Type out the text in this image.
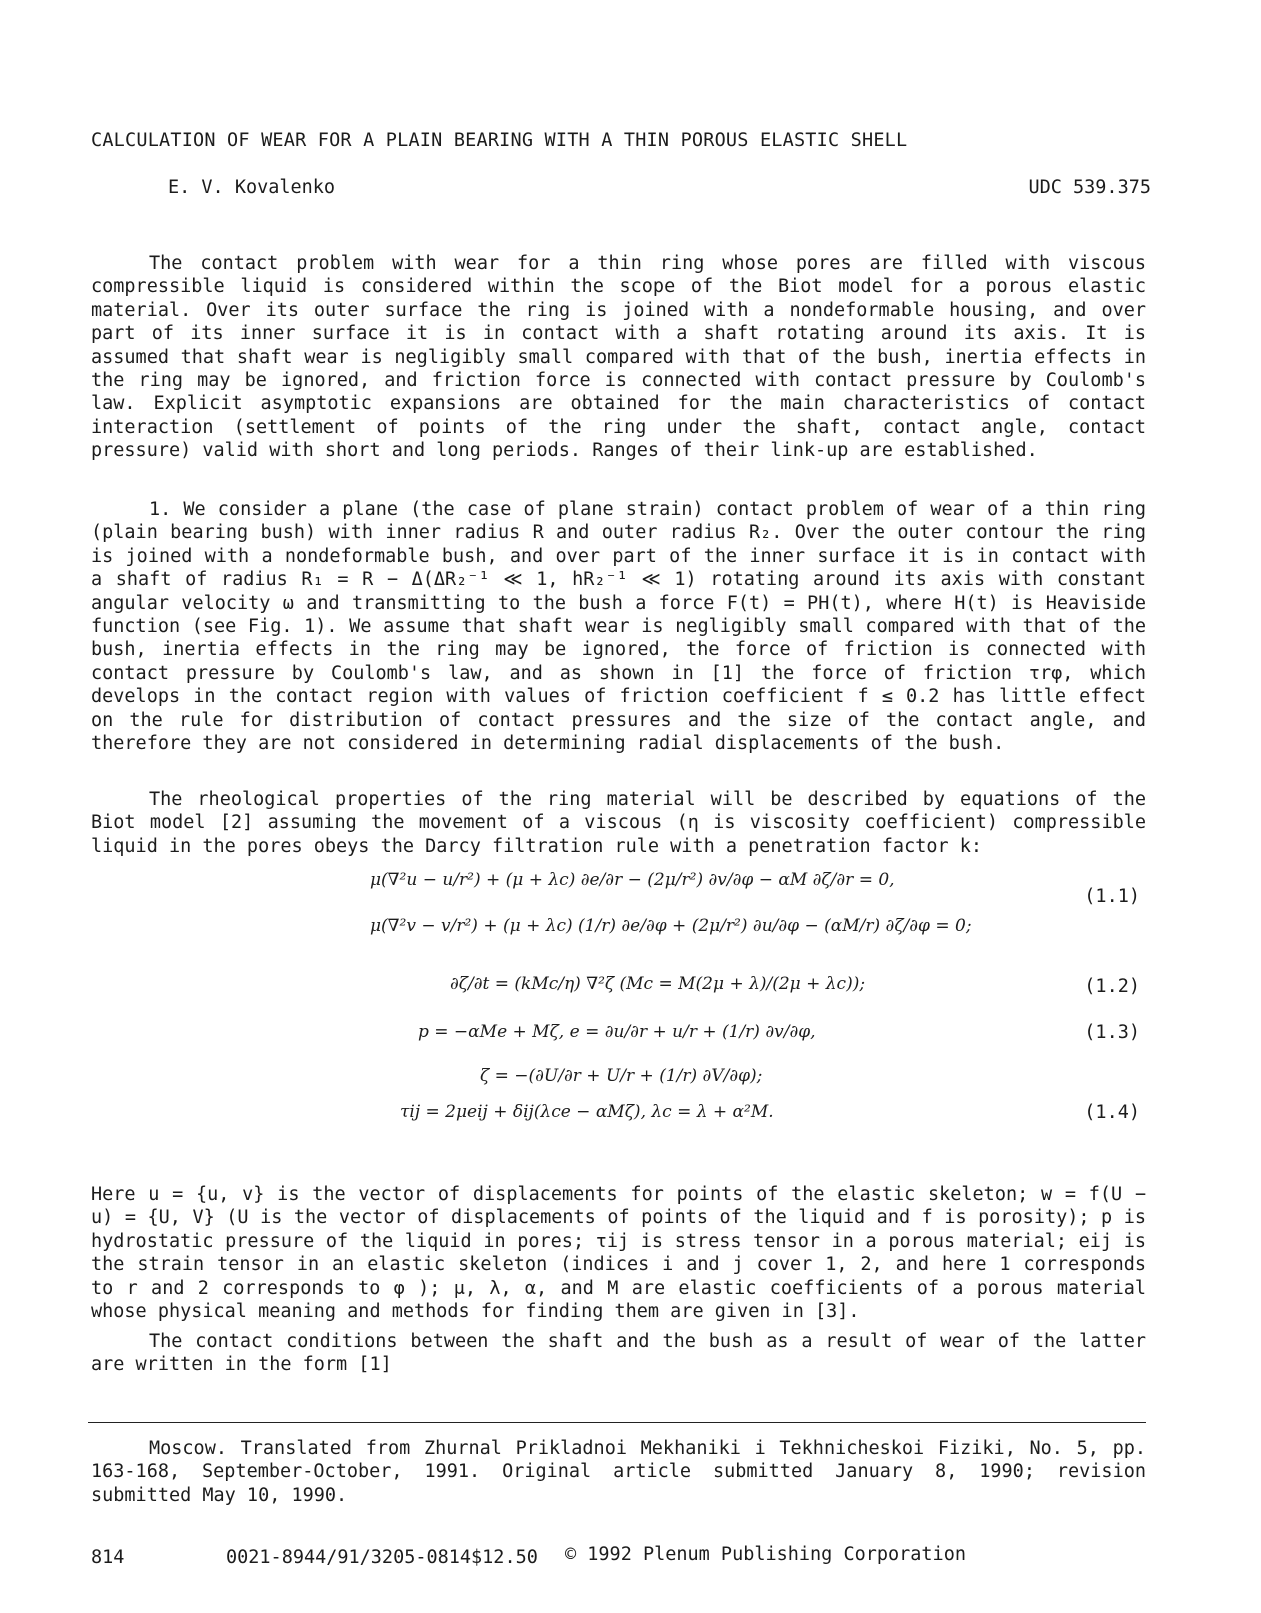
CALCULATION OF WEAR FOR A PLAIN BEARING WITH A THIN POROUS ELASTIC SHELL
E. V. Kovalenko	UDC 539.375
The contact problem with wear for a thin ring whose pores are filled with viscous compressible liquid is considered within the scope of the Biot model for a porous elastic material. Over its outer surface the ring is joined with a nondeformable housing, and over part of its inner surface it is in contact with a shaft rotating around its axis. It is assumed that shaft wear is negligibly small compared with that of the bush, inertia effects in the ring may be ignored, and friction force is connected with contact pressure by Coulomb's law. Explicit asymptotic expansions are obtained for the main characteristics of contact interaction (settlement of points of the ring under the shaft, contact angle, contact pressure) valid with short and long periods. Ranges of their link-up are established.
1. We consider a plane (the case of plane strain) contact problem of wear of a thin ring (plain bearing bush) with inner radius R and outer radius R₂. Over the outer contour the ring is joined with a nondeformable bush, and over part of the inner surface it is in contact with a shaft of radius R₁ = R − Δ(ΔR₂⁻¹ ≪ 1, hR₂⁻¹ ≪ 1) rotating around its axis with constant angular velocity ω and transmitting to the bush a force F(t) = PH(t), where H(t) is Heaviside function (see Fig. 1). We assume that shaft wear is negligibly small compared with that of the bush, inertia effects in the ring may be ignored, the force of friction is connected with contact pressure by Coulomb's law, and as shown in [1] the force of friction τrφ, which develops in the contact region with values of friction coefficient f ≤ 0.2 has little effect on the rule for distribution of contact pressures and the size of the contact angle, and therefore they are not considered in determining radial displacements of the bush.
The rheological properties of the ring material will be described by equations of the Biot model [2] assuming the movement of a viscous (η is viscosity coefficient) compressible liquid in the pores obeys the Darcy filtration rule with a penetration factor k:
μ(∇²u − u/r²) + (μ + λc) ∂e/∂r − (2μ/r²) ∂v/∂φ − αM ∂ζ/∂r = 0,
μ(∇²v − v/r²) + (μ + λc) (1/r) ∂e/∂φ + (2μ/r²) ∂u/∂φ − (αM/r) ∂ζ/∂φ = 0;
(1.1)
∂ζ/∂t = (kMc/η) ∇²ζ (Mc = M(2μ + λ)/(2μ + λc));	(1.2)
p = −αMe + Mζ, e = ∂u/∂r + u/r + (1/r) ∂v/∂φ,	(1.3)
ζ = −(∂U/∂r + U/r + (1/r) ∂V/∂φ);
τij = 2μeij + δij(λce − αMζ), λc = λ + α²M.	(1.4)
Here u = {u, v} is the vector of displacements for points of the elastic skeleton; w = f(U − u) = {U, V} (U is the vector of displacements of points of the liquid and f is porosity); p is hydrostatic pressure of the liquid in pores; τij is stress tensor in a porous material; eij is the strain tensor in an elastic skeleton (indices i and j cover 1, 2, and here 1 corresponds to r and 2 corresponds to φ ); μ, λ, α, and M are elastic coefficients of a porous material whose physical meaning and methods for finding them are given in [3].
The contact conditions between the shaft and the bush as a result of wear of the latter are written in the form [1]
Moscow. Translated from Zhurnal Prikladnoi Mekhaniki i Tekhnicheskoi Fiziki, No. 5, pp. 163-168, September-October, 1991. Original article submitted January 8, 1990; revision submitted May 10, 1990.
814	0021-8944/91/3205-0814$12.50 © 1992 Plenum Publishing Corporation
